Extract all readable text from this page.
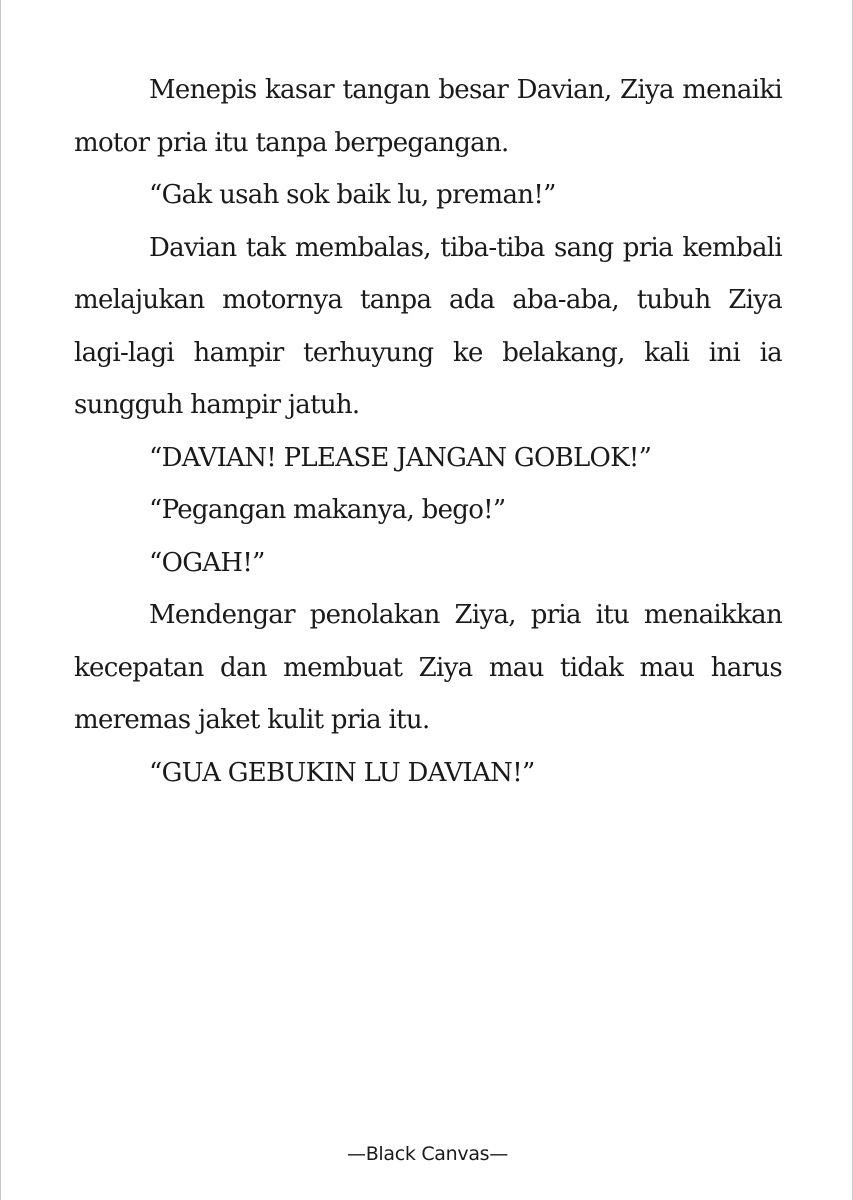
Menepis kasar tangan besar Davian, Ziya menaiki motor pria itu tanpa berpegangan.

“Gak usah sok baik lu, preman!”

Davian tak membalas, tiba-tiba sang pria kembali melajukan motornya tanpa ada aba-aba, tubuh Ziya lagi-lagi hampir terhuyung ke belakang, kali ini ia sungguh hampir jatuh.

“DAVIAN! PLEASE JANGAN GOBLOK!”

“Pegangan makanya, bego!”

“OGAH!”

Mendengar penolakan Ziya, pria itu menaikkan kecepatan dan membuat Ziya mau tidak mau harus meremas jaket kulit pria itu.

“GUA GEBUKIN LU DAVIAN!”

—Black Canvas—
